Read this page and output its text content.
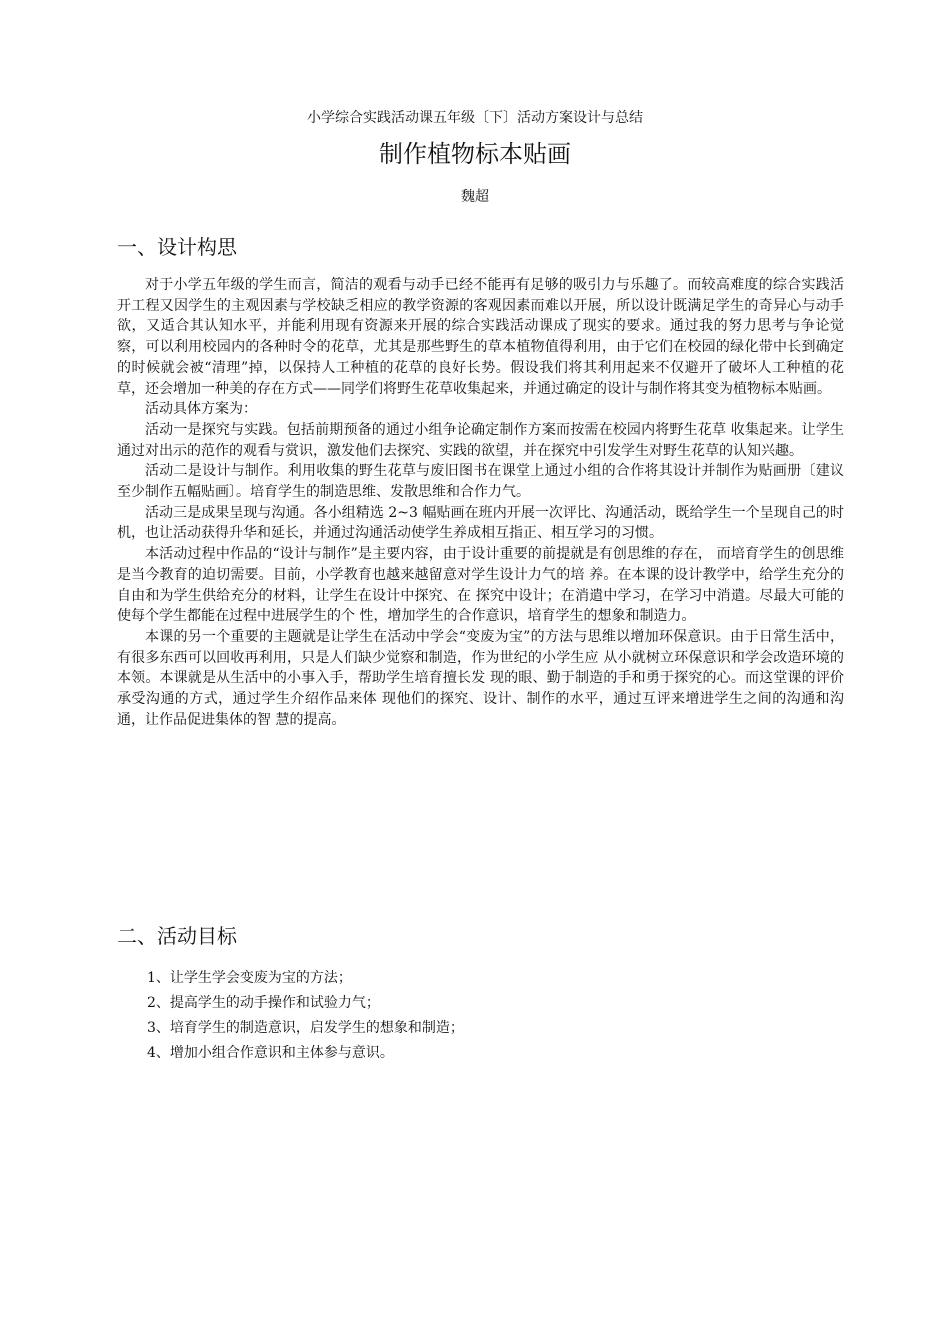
小学综合实践活动课五年级〔下〕活动方案设计与总结
制作植物标本贴画
魏超
一、设计构思

对于小学五年级的学生而言，简洁的观看与动手已经不能再有足够的吸引力与乐趣了。而较高难度的综合实践活开工程又因学生的主观因素与学校缺乏相应的教学资源的客观因素而难以开展，所以设计既满足学生的奇异心与动手欲，又适合其认知水平，并能利用现有资源来开展的综合实践活动课成了现实的要求。通过我的努力思考与争论觉察，可以利用校园内的各种时令的花草，尤其是那些野生的草本植物值得利用，由于它们在校园的绿化带中长到确定的时候就会被“清理”掉，以保持人工种植的花草的良好长势。假设我们将其利用起来不仅避开了破坏人工种植的花草，还会增加一种美的存在方式——同学们将野生花草收集起来，并通过确定的设计与制作将其变为植物标本贴画。

活动具体方案为：

活动一是探究与实践。包括前期预备的通过小组争论确定制作方案而按需在校园内将野生花草 收集起来。让学生通过对出示的范作的观看与赏识，激发他们去探究、实践的欲望，并在探究中引发学生对野生花草的认知兴趣。

活动二是设计与制作。利用收集的野生花草与废旧图书在课堂上通过小组的合作将其设计并制作为贴画册〔建议至少制作五幅贴画〕。培育学生的制造思维、发散思维和合作力气。

活动三是成果呈现与沟通。各小组精选 2~3 幅贴画在班内开展一次评比、沟通活动，既给学生一个呈现自己的时机，也让活动获得升华和延长，并通过沟通活动使学生养成相互指正、相互学习的习惯。

本活动过程中作品的“设计与制作”是主要内容，由于设计重要的前提就是有创思维的存在， 而培育学生的创思维是当今教育的迫切需要。目前，小学教育也越来越留意对学生设计力气的培 养。在本课的设计教学中，给学生充分的自由和为学生供给充分的材料，让学生在设计中探究、在 探究中设计；在消遣中学习，在学习中消遣。尽最大可能的使每个学生都能在过程中进展学生的个 性，增加学生的合作意识，培育学生的想象和制造力。

本课的另一个重要的主题就是让学生在活动中学会“变废为宝”的方法与思维以增加环保意识。由于日常生活中，有很多东西可以回收再利用，只是人们缺少觉察和制造，作为世纪的小学生应 从小就树立环保意识和学会改造环境的本领。本课就是从生活中的小事入手，帮助学生培育擅长发 现的眼、勤于制造的手和勇于探究的心。而这堂课的评价承受沟通的方式，通过学生介绍作品来体 现他们的探究、设计、制作的水平，通过互评来增进学生之间的沟通和沟通，让作品促进集体的智 慧的提高。

二、活动目标
1、让学生学会变废为宝的方法；
2、提高学生的动手操作和试验力气；
3、培育学生的制造意识，启发学生的想象和制造；
4、增加小组合作意识和主体参与意识。
